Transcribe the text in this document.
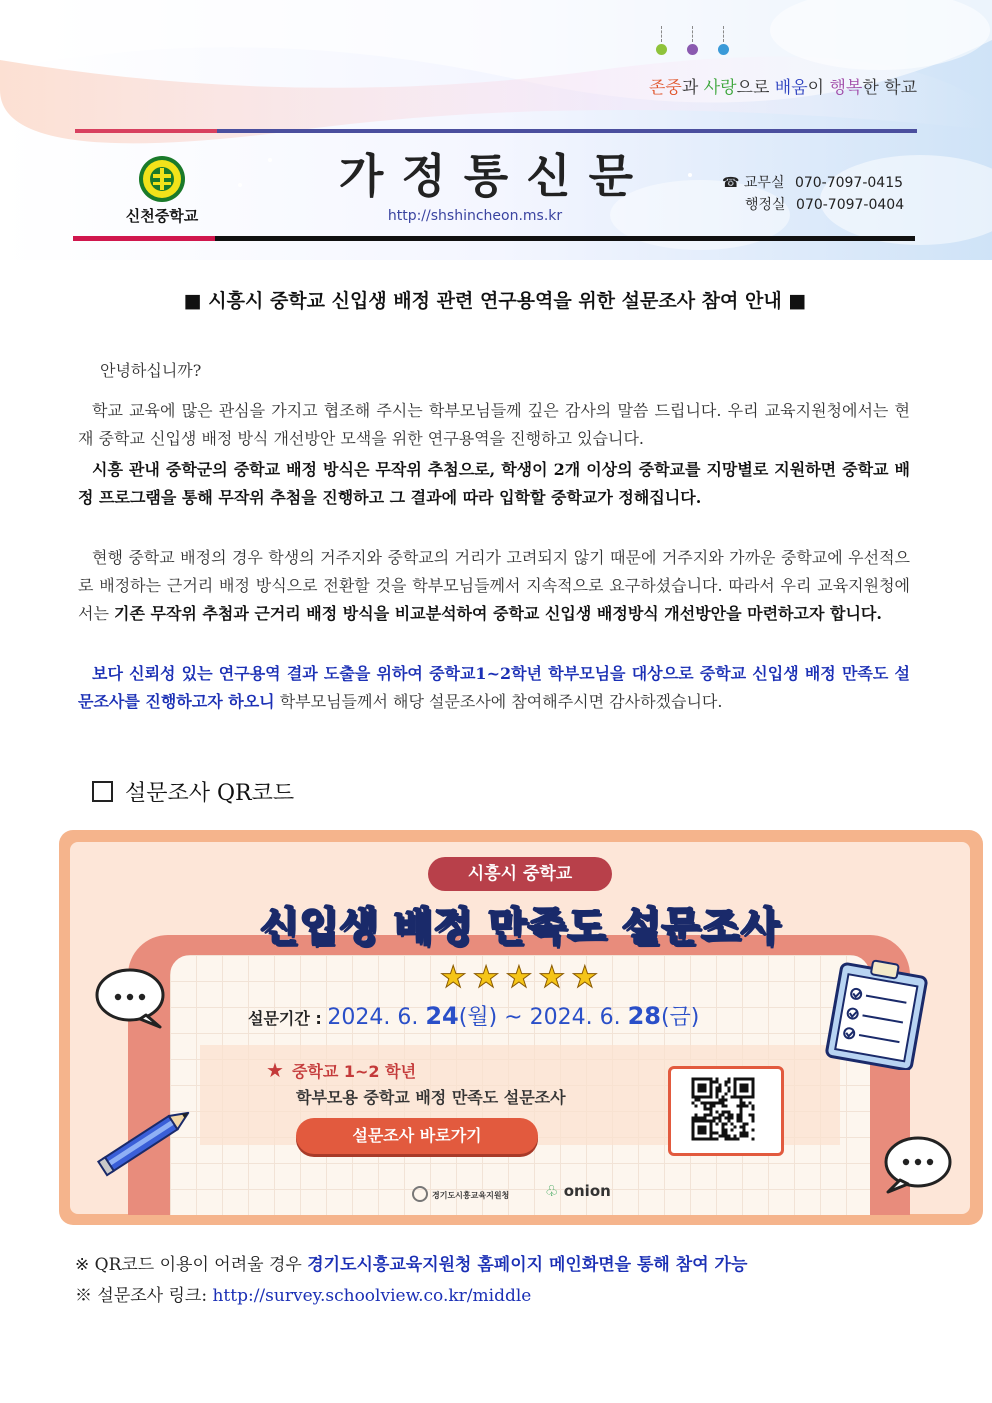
존중과 사랑으로 배움이 행복한 학교
신천중학교
가정통신문
http://shshincheon.ms.kr
☎ 교무실 070-7097-0415
행정실 070-7097-0404
■ 시흥시 중학교 신입생 배정 관련 연구용역을 위한 설문조사 참여 안내 ■
안녕하십니까?
학교 교육에 많은 관심을 가지고 협조해 주시는 학부모님들께 깊은 감사의 말씀 드립니다. 우리 교육지원청에서는 현재 중학교 신입생 배정 방식 개선방안 모색을 위한 연구용역을 진행하고 있습니다.
시흥 관내 중학군의 중학교 배정 방식은 무작위 추첨으로, 학생이 2개 이상의 중학교를 지망별로 지원하면 중학교 배정 프로그램을 통해 무작위 추첨을 진행하고 그 결과에 따라 입학할 중학교가 정해집니다.
현행 중학교 배정의 경우 학생의 거주지와 중학교의 거리가 고려되지 않기 때문에 거주지와 가까운 중학교에 우선적으로 배정하는 근거리 배정 방식으로 전환할 것을 학부모님들께서 지속적으로 요구하셨습니다. 따라서 우리 교육지원청에서는 기존 무작위 추첨과 근거리 배정 방식을 비교분석하여 중학교 신입생 배정방식 개선방안을 마련하고자 합니다.
보다 신뢰성 있는 연구용역 결과 도출을 위하여 중학교1~2학년 학부모님을 대상으로 중학교 신입생 배정 만족도 설문조사를 진행하고자 하오니 학부모님들께서 해당 설문조사에 참여해주시면 감사하겠습니다.
설문조사 QR코드
시흥시 중학교
신입생 배정 만족도 설문조사
★★★★★
설문기간 : 2024. 6. 24(월) ~ 2024. 6. 28(금)
★ 중학교 1~2 학년
학부모용 중학교 배정 만족도 설문조사
설문조사 바로가기
경기도시흥교육지원청 ♧ onion
※ QR코드 이용이 어려울 경우 경기도시흥교육지원청 홈페이지 메인화면을 통해 참여 가능
※ 설문조사 링크: http://survey.schoolview.co.kr/middle
